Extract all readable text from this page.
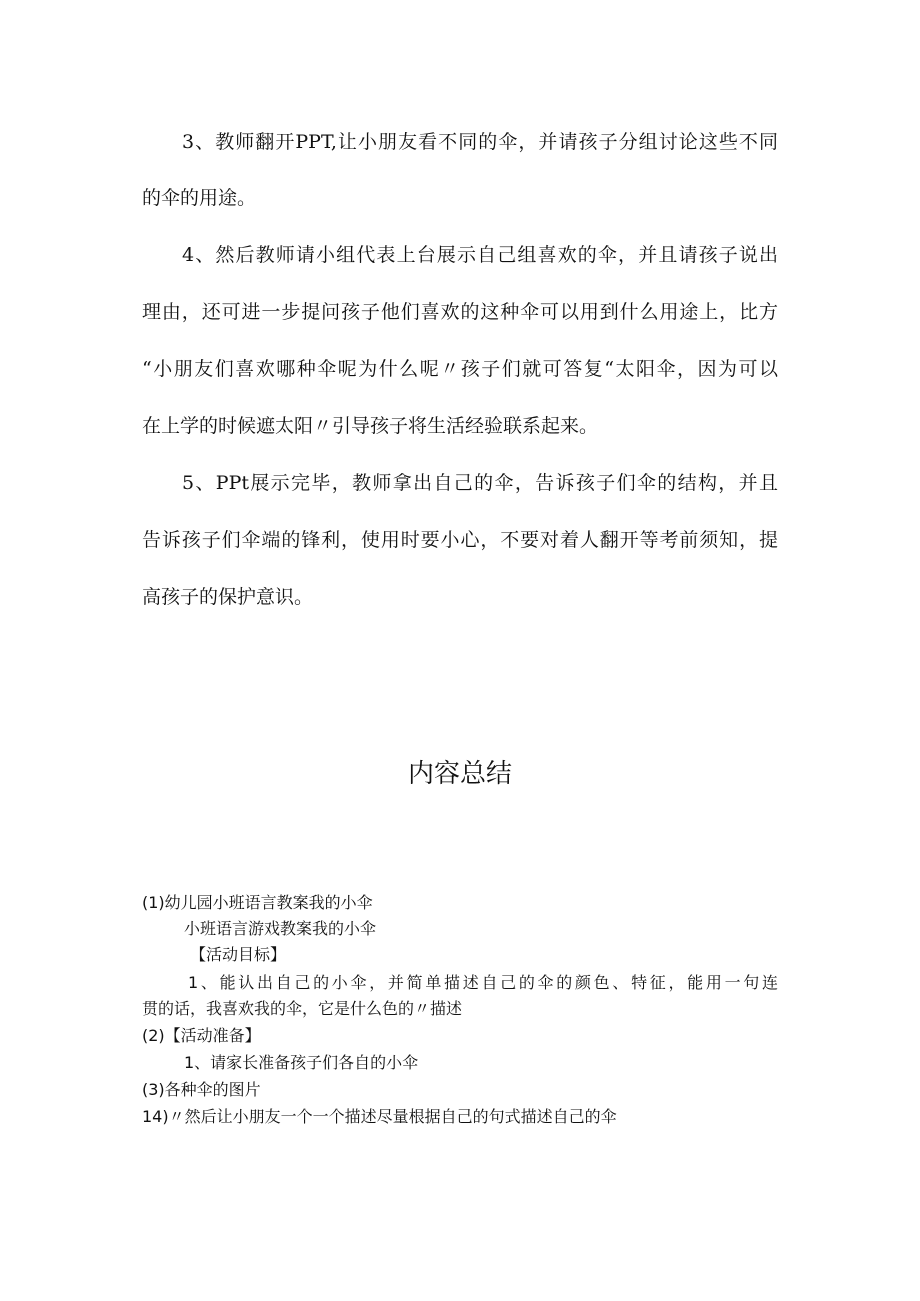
3、教师翻开PPT,让小朋友看不同的伞，并请孩子分组讨论这些不同
的伞的用途。
4、然后教师请小组代表上台展示自己组喜欢的伞，并且请孩子说出
理由，还可进一步提问孩子他们喜欢的这种伞可以用到什么用途上，比方
“小朋友们喜欢哪种伞呢为什么呢〃孩子们就可答复“太阳伞，因为可以
在上学的时候遮太阳〃引导孩子将生活经验联系起来。
5、PPt展示完毕，教师拿出自己的伞，告诉孩子们伞的结构，并且
告诉孩子们伞端的锋利，使用时要小心，不要对着人翻开等考前须知，提
高孩子的保护意识。
内容总结
(1)幼儿园小班语言教案我的小伞
小班语言游戏教案我的小伞
【活动目标】
1、能认出自己的小伞，并简单描述自己的伞的颜色、特征，能用一句连
贯的话，我喜欢我的伞，它是什么色的〃描述
(2)【活动准备】
1、请家长准备孩子们各自的小伞
(3)各种伞的图片
14)〃然后让小朋友一个一个描述尽量根据自己的句式描述自己的伞
